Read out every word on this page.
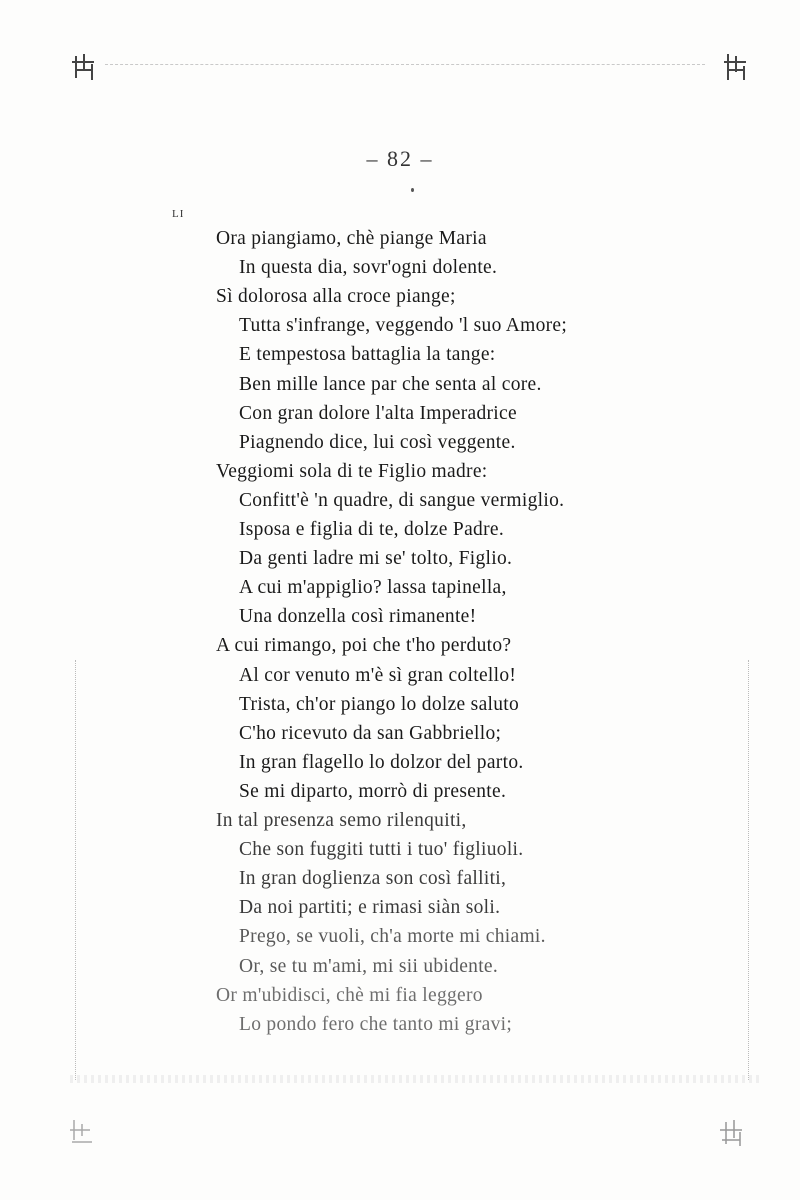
– 82 –
LI
Ora piangiamo, chè piange Maria
In questa dia, sovr'ogni dolente.
Sì dolorosa alla croce piange;
Tutta s'infrange, veggendo 'l suo Amore;
E tempestosa battaglia la tange:
Ben mille lance par che senta al core.
Con gran dolore l'alta Imperadrice
Piagnendo dice, lui così veggente.
Veggiomi sola di te Figlio madre:
Confitt'è 'n quadre, di sangue vermiglio.
Isposa e figlia di te, dolze Padre.
Da genti ladre mi se' tolto, Figlio.
A cui m'appiglio? lassa tapinella,
Una donzella così rimanente!
A cui rimango, poi che t'ho perduto?
Al cor venuto m'è sì gran coltello!
Trista, ch'or piango lo dolze saluto
C'ho ricevuto da san Gabbriello;
In gran flagello lo dolzor del parto.
Se mi diparto, morrò di presente.
In tal presenza semo rilenquiti,
Che son fuggiti tutti i tuo' figliuoli.
In gran doglienza son così falliti,
Da noi partiti; e rimasi siàn soli.
Prego, se vuoli, ch'a morte mi chiami.
Or, se tu m'ami, mi sii ubidente.
Or m'ubidisci, chè mi fia leggero
Lo pondo fero che tanto mi gravi;
